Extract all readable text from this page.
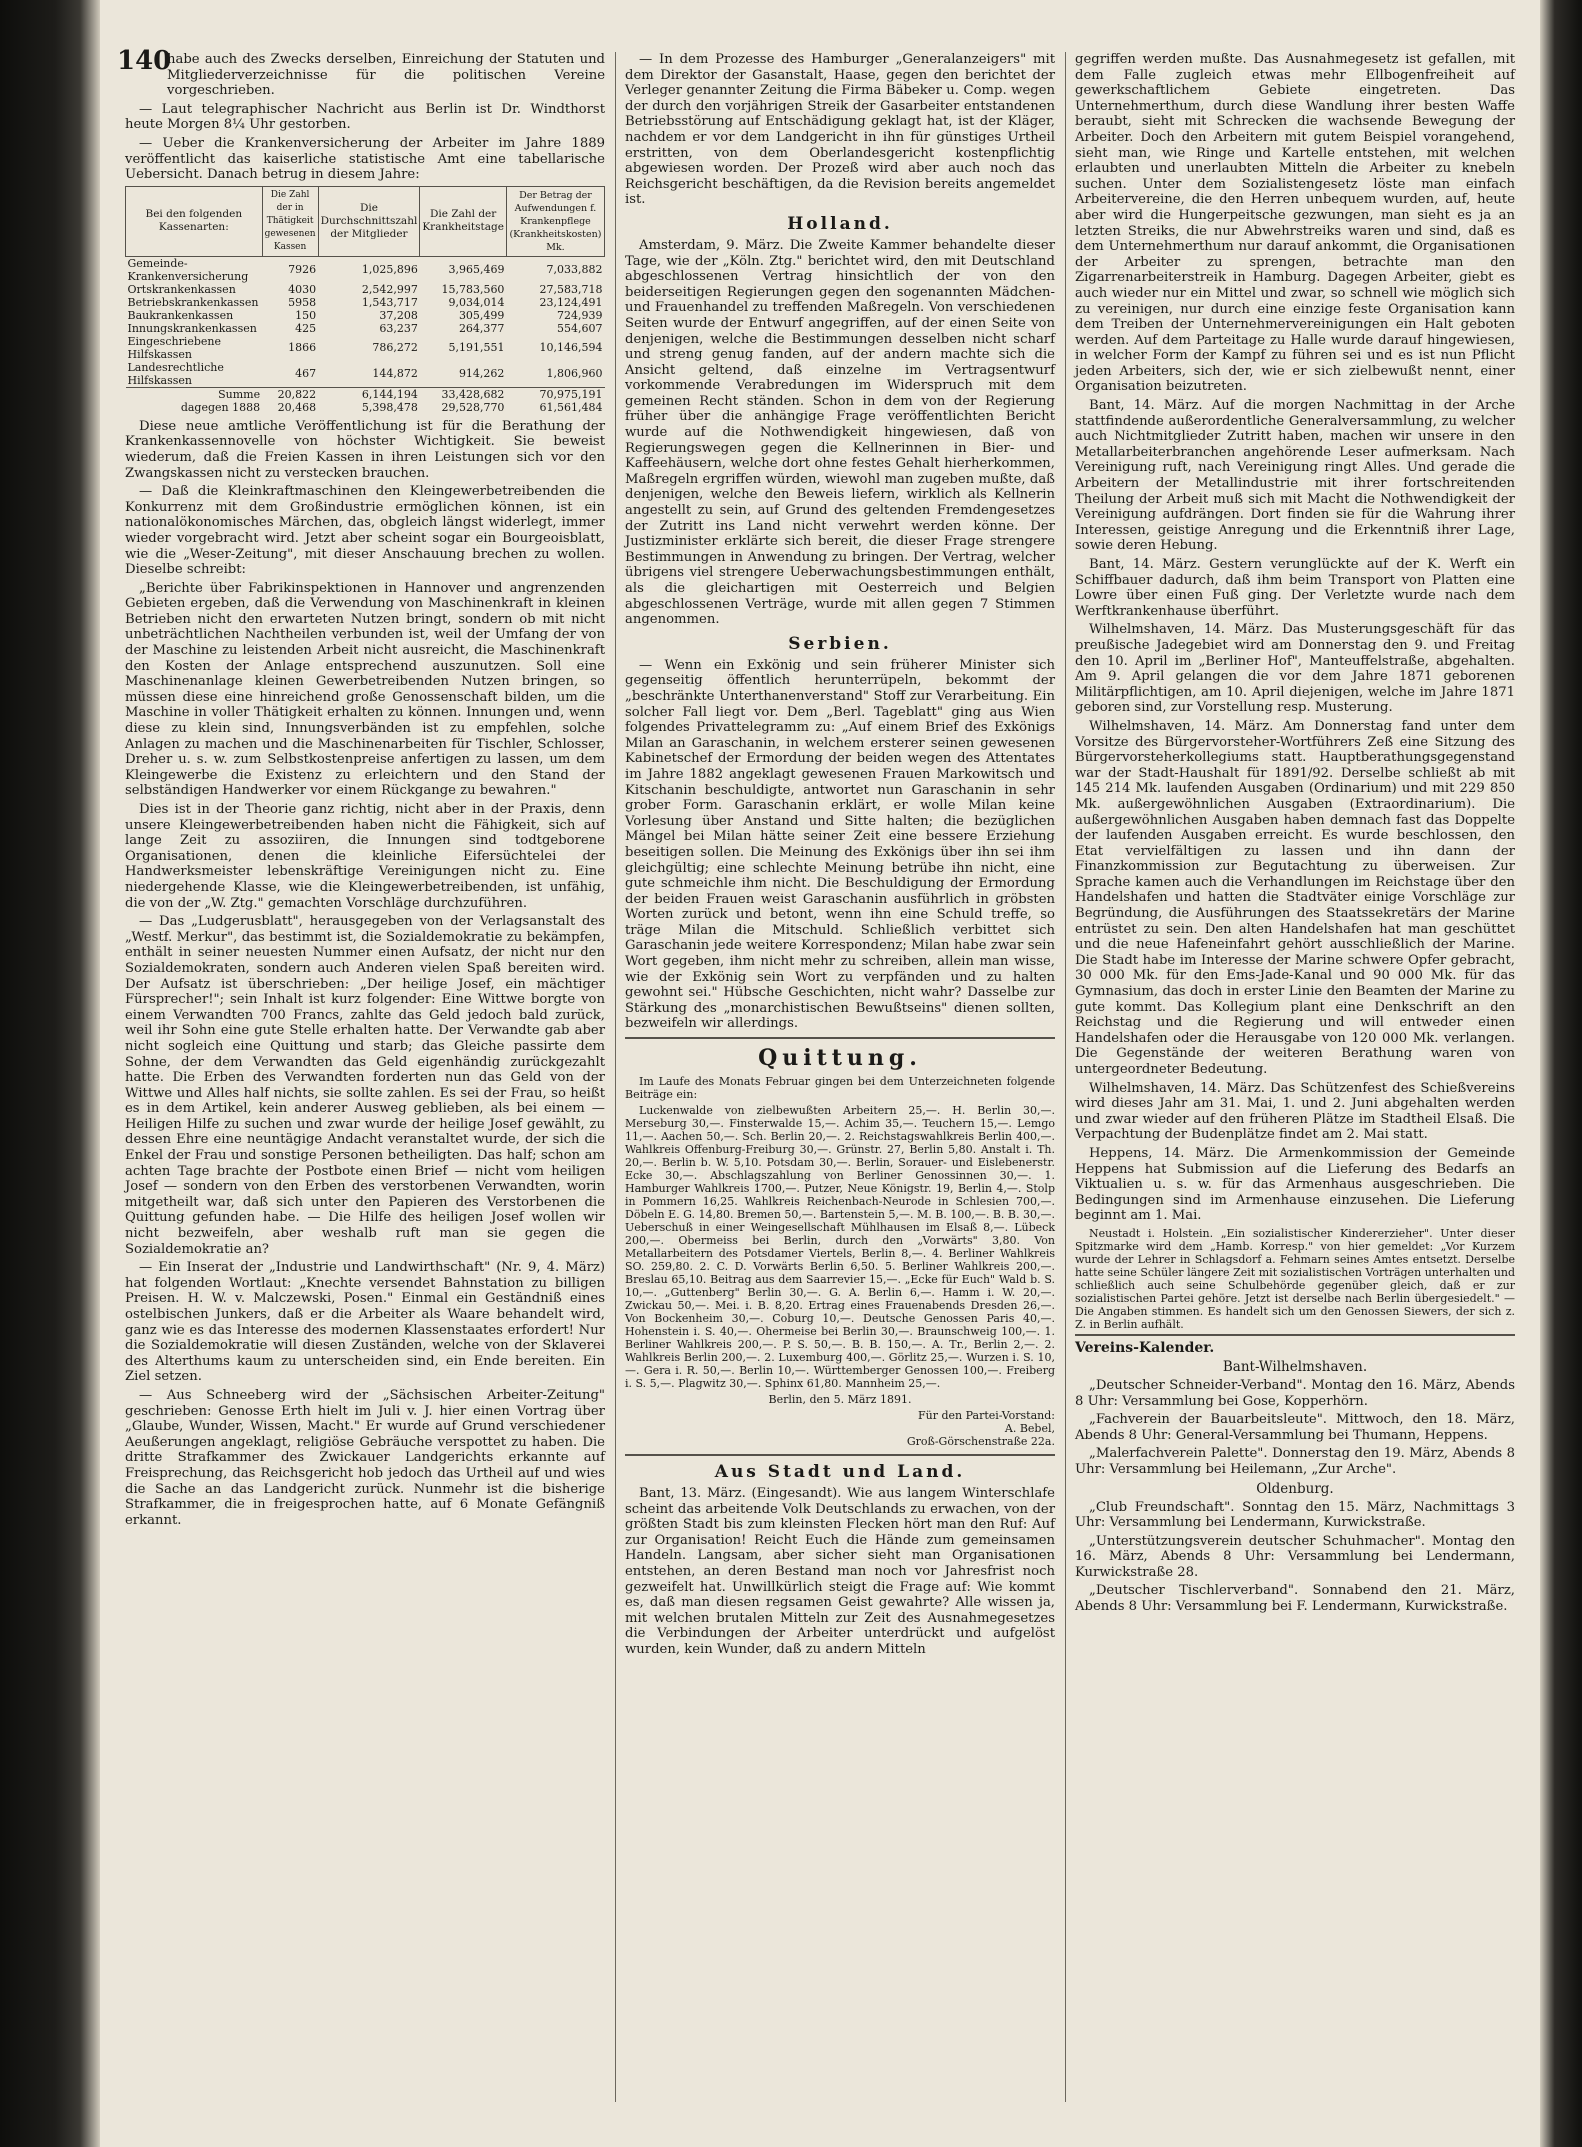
140

habe auch des Zwecks derselben, Einreichung der Statuten und Mitgliederverzeichnisse für die politischen Vereine vorgeschrieben.

— Laut telegraphischer Nachricht aus Berlin ist Dr. Windthorst heute Morgen 8¼ Uhr gestorben.

— Ueber die Krankenversicherung der Arbeiter im Jahre 1889 veröffentlicht das kaiserliche statistische Amt eine tabellarische Uebersicht. Danach betrug in diesem Jahre:

Bei den folgenden Kassenarten:	Die Zahl der in Thätigkeit gewesenen Kassen	Die Durchschnittszahl der Mitglieder	Die Zahl der Krankheitstage	Der Betrag der Aufwendungen f. Krankenpflege (Krankheitskosten) Mk.
Gemeinde-Krankenversicherung	7926	1,025,896	3,965,469	7,033,882
Ortskrankenkassen	4030	2,542,997	15,783,560	27,583,718
Betriebskrankenkassen	5958	1,543,717	9,034,014	23,124,491
Baukrankenkassen	150	37,208	305,499	724,939
Innungskrankenkassen	425	63,237	264,377	554,607
Eingeschriebene Hilfskassen	1866	786,272	5,191,551	10,146,594
Landesrechtliche Hilfskassen	467	144,872	914,262	1,806,960
Summe	20,822	6,144,194	33,428,682	70,975,191
dagegen 1888	20,468	5,398,478	29,528,770	61,561,484

Diese neue amtliche Veröffentlichung ist für die Berathung der Krankenkassennovelle von höchster Wichtigkeit. Sie beweist wiederum, daß die Freien Kassen in ihren Leistungen sich vor den Zwangskassen nicht zu verstecken brauchen.

— Daß die Kleinkraftmaschinen den Kleingewerbetreibenden die Konkurrenz mit dem Großindustrie ermöglichen können, ist ein nationalökonomisches Märchen, das, obgleich längst widerlegt, immer wieder vorgebracht wird. Jetzt aber scheint sogar ein Bourgeoisblatt, wie die „Weser-Zeitung", mit dieser Anschauung brechen zu wollen. Dieselbe schreibt:

„Berichte über Fabrikinspektionen in Hannover und angrenzenden Gebieten ergeben, daß die Verwendung von Maschinenkraft in kleinen Betrieben nicht den erwarteten Nutzen bringt, sondern ob mit nicht unbeträchtlichen Nachtheilen verbunden ist, weil der Umfang der von der Maschine zu leistenden Arbeit nicht ausreicht, die Maschinenkraft den Kosten der Anlage entsprechend auszunutzen. Soll eine Maschinenanlage kleinen Gewerbetreibenden Nutzen bringen, so müssen diese eine hinreichend große Genossenschaft bilden, um die Maschine in voller Thätigkeit erhalten zu können. Innungen und, wenn diese zu klein sind, Innungsverbänden ist zu empfehlen, solche Anlagen zu machen und die Maschinenarbeiten für Tischler, Schlosser, Dreher u. s. w. zum Selbstkostenpreise anfertigen zu lassen, um dem Kleingewerbe die Existenz zu erleichtern und den Stand der selbständigen Handwerker vor einem Rückgange zu bewahren."

Dies ist in der Theorie ganz richtig, nicht aber in der Praxis, denn unsere Kleingewerbetreibenden haben nicht die Fähigkeit, sich auf lange Zeit zu assoziiren, die Innungen sind todtgeborene Organisationen, denen die kleinliche Eifersüchtelei der Handwerksmeister lebenskräftige Vereinigungen nicht zu. Eine niedergehende Klasse, wie die Kleingewerbetreibenden, ist unfähig, die von der „W. Ztg." gemachten Vorschläge durchzuführen.

— Das „Ludgerusblatt", herausgegeben von der Verlagsanstalt des „Westf. Merkur", das bestimmt ist, die Sozialdemokratie zu bekämpfen, enthält in seiner neuesten Nummer einen Aufsatz, der nicht nur den Sozialdemokraten, sondern auch Anderen vielen Spaß bereiten wird. Der Aufsatz ist überschrieben: „Der heilige Josef, ein mächtiger Fürsprecher!"; sein Inhalt ist kurz folgender: Eine Wittwe borgte von einem Verwandten 700 Francs, zahlte das Geld jedoch bald zurück, weil ihr Sohn eine gute Stelle erhalten hatte. Der Verwandte gab aber nicht sogleich eine Quittung und starb; das Gleiche passirte dem Sohne, der dem Verwandten das Geld eigenhändig zurückgezahlt hatte. Die Erben des Verwandten forderten nun das Geld von der Wittwe und Alles half nichts, sie sollte zahlen. Es sei der Frau, so heißt es in dem Artikel, kein anderer Ausweg geblieben, als bei einem — Heiligen Hilfe zu suchen und zwar wurde der heilige Josef gewählt, zu dessen Ehre eine neuntägige Andacht veranstaltet wurde, der sich die Enkel der Frau und sonstige Personen betheiligten. Das half; schon am achten Tage brachte der Postbote einen Brief — nicht vom heiligen Josef — sondern von den Erben des verstorbenen Verwandten, worin mitgetheilt war, daß sich unter den Papieren des Verstorbenen die Quittung gefunden habe. — Die Hilfe des heiligen Josef wollen wir nicht bezweifeln, aber weshalb ruft man sie gegen die Sozialdemokratie an?

— Ein Inserat der „Industrie und Landwirthschaft" (Nr. 9, 4. März) hat folgenden Wortlaut: „Knechte versendet Bahnstation zu billigen Preisen. H. W. v. Malczewski, Posen." Einmal ein Geständniß eines ostelbischen Junkers, daß er die Arbeiter als Waare behandelt wird, ganz wie es das Interesse des modernen Klassenstaates erfordert! Nur die Sozialdemokratie will diesen Zuständen, welche von der Sklaverei des Alterthums kaum zu unterscheiden sind, ein Ende bereiten. Ein Ziel setzen.

— Aus Schneeberg wird der „Sächsischen Arbeiter-Zeitung" geschrieben: Genosse Erth hielt im Juli v. J. hier einen Vortrag über „Glaube, Wunder, Wissen, Macht." Er wurde auf Grund verschiedener Aeußerungen angeklagt, religiöse Gebräuche verspottet zu haben. Die dritte Strafkammer des Zwickauer Landgerichts erkannte auf Freisprechung, das Reichsgericht hob jedoch das Urtheil auf und wies die Sache an das Landgericht zurück. Nunmehr ist die bisherige Strafkammer, die in freigesprochen hatte, auf 6 Monate Gefängniß erkannt.

— In dem Prozesse des Hamburger „Generalanzeigers" mit dem Direktor der Gasanstalt, Haase, gegen den berichtet der Verleger genannter Zeitung die Firma Bäbeker u. Comp. wegen der durch den vorjährigen Streik der Gasarbeiter entstandenen Betriebsstörung auf Entschädigung geklagt hat, ist der Kläger, nachdem er vor dem Landgericht in ihn für günstiges Urtheil erstritten, von dem Oberlandesgericht kostenpflichtig abgewiesen worden. Der Prozeß wird aber auch noch das Reichsgericht beschäftigen, da die Revision bereits angemeldet ist.

Holland.

Amsterdam, 9. März. Die Zweite Kammer behandelte dieser Tage, wie der „Köln. Ztg." berichtet wird, den mit Deutschland abgeschlossenen Vertrag hinsichtlich der von den beiderseitigen Regierungen gegen den sogenannten Mädchen- und Frauenhandel zu treffenden Maßregeln. Von verschiedenen Seiten wurde der Entwurf angegriffen, auf der einen Seite von denjenigen, welche die Bestimmungen desselben nicht scharf und streng genug fanden, auf der andern machte sich die Ansicht geltend, daß einzelne im Vertragsentwurf vorkommende Verabredungen im Widerspruch mit dem gemeinen Recht ständen. Schon in dem von der Regierung früher über die anhängige Frage veröffentlichten Bericht wurde auf die Nothwendigkeit hingewiesen, daß von Regierungswegen gegen die Kellnerinnen in Bier- und Kaffeehäusern, welche dort ohne festes Gehalt hierherkommen, Maßregeln ergriffen würden, wiewohl man zugeben mußte, daß denjenigen, welche den Beweis liefern, wirklich als Kellnerin angestellt zu sein, auf Grund des geltenden Fremdengesetzes der Zutritt ins Land nicht verwehrt werden könne. Der Justizminister erklärte sich bereit, die dieser Frage strengere Bestimmungen in Anwendung zu bringen. Der Vertrag, welcher übrigens viel strengere Ueberwachungsbestimmungen enthält, als die gleichartigen mit Oesterreich und Belgien abgeschlossenen Verträge, wurde mit allen gegen 7 Stimmen angenommen.

Serbien.

— Wenn ein Exkönig und sein früherer Minister sich gegenseitig öffentlich herunterrüpeln, bekommt der „beschränkte Unterthanenverstand" Stoff zur Verarbeitung. Ein solcher Fall liegt vor. Dem „Berl. Tageblatt" ging aus Wien folgendes Privattelegramm zu: „Auf einem Brief des Exkönigs Milan an Garaschanin, in welchem ersterer seinen gewesenen Kabinetschef der Ermordung der beiden wegen des Attentates im Jahre 1882 angeklagt gewesenen Frauen Markowitsch und Kitschanin beschuldigte, antwortet nun Garaschanin in sehr grober Form. Garaschanin erklärt, er wolle Milan keine Vorlesung über Anstand und Sitte halten; die bezüglichen Mängel bei Milan hätte seiner Zeit eine bessere Erziehung beseitigen sollen. Die Meinung des Exkönigs über ihn sei ihm gleichgültig; eine schlechte Meinung betrübe ihn nicht, eine gute schmeichle ihm nicht. Die Beschuldigung der Ermordung der beiden Frauen weist Garaschanin ausführlich in gröbsten Worten zurück und betont, wenn ihn eine Schuld treffe, so träge Milan die Mitschuld. Schließlich verbittet sich Garaschanin jede weitere Korrespondenz; Milan habe zwar sein Wort gegeben, ihm nicht mehr zu schreiben, allein man wisse, wie der Exkönig sein Wort zu verpfänden und zu halten gewohnt sei." Hübsche Geschichten, nicht wahr? Dasselbe zur Stärkung des „monarchistischen Bewußtseins" dienen sollten, bezweifeln wir allerdings.

Quittung.

Im Laufe des Monats Februar gingen bei dem Unterzeichneten folgende Beiträge ein:

Luckenwalde von zielbewußten Arbeitern 25,—. H. Berlin 30,—. Merseburg 30,—. Finsterwalde 15,—. Achim 35,—. Teuchern 15,—. Lemgo 11,—. Aachen 50,—. Sch. Berlin 20,—. 2. Reichstagswahlkreis Berlin 400,—. Wahlkreis Offenburg-Freiburg 30,—. Grünstr. 27, Berlin 5,80. Anstalt i. Th. 20,—. Berlin b. W. 5,10. Potsdam 30,—. Berlin, Sorauer- und Eislebenerstr. Ecke 30,—. Abschlagszahlung von Berliner Genossinnen 30,—. 1. Hamburger Wahlkreis 1700,—. Putzer, Neue Königstr. 19, Berlin 4,—. Stolp in Pommern 16,25. Wahlkreis Reichenbach-Neurode in Schlesien 700,—. Döbeln E. G. 14,80. Bremen 50,—. Bartenstein 5,—. M. B. 100,—. B. B. 30,—. Ueberschuß in einer Weingesellschaft Mühlhausen im Elsaß 8,—. Lübeck 200,—. Obermeiss bei Berlin, durch den „Vorwärts" 3,80. Von Metallarbeitern des Potsdamer Viertels, Berlin 8,—. 4. Berliner Wahlkreis SO. 259,80. 2. C. D. Vorwärts Berlin 6,50. 5. Berliner Wahlkreis 200,—. Breslau 65,10. Beitrag aus dem Saarrevier 15,—. „Ecke für Euch" Wald b. S. 10,—. „Guttenberg" Berlin 30,—. G. A. Berlin 6,—. Hamm i. W. 20,—. Zwickau 50,—. Mei. i. B. 8,20. Ertrag eines Frauenabends Dresden 26,—. Von Bockenheim 30,—. Coburg 10,—. Deutsche Genossen Paris 40,—. Hohenstein i. S. 40,—. Ohermeise bei Berlin 30,—. Braunschweig 100,—. 1. Berliner Wahlkreis 200,—. P. S. 50,—. B. B. 150,—. A. Tr., Berlin 2,—. 2. Wahlkreis Berlin 200,—. 2. Luxemburg 400,—. Görlitz 25,—. Wurzen i. S. 10,—. Gera i. R. 50,—. Berlin 10,—. Württemberger Genossen 100,—. Freiberg i. S. 5,—. Plagwitz 30,—. Sphinx 61,80. Mannheim 25,—.

Berlin, den 5. März 1891.

Für den Partei-Vorstand:
A. Bebel,
Groß-Görschenstraße 22a.
Aus Stadt und Land.

Bant, 13. März. (Eingesandt). Wie aus langem Winterschlafe scheint das arbeitende Volk Deutschlands zu erwachen, von der größten Stadt bis zum kleinsten Flecken hört man den Ruf: Auf zur Organisation! Reicht Euch die Hände zum gemeinsamen Handeln. Langsam, aber sicher sieht man Organisationen entstehen, an deren Bestand man noch vor Jahresfrist noch gezweifelt hat. Unwillkürlich steigt die Frage auf: Wie kommt es, daß man diesen regsamen Geist gewahrte? Alle wissen ja, mit welchen brutalen Mitteln zur Zeit des Ausnahmegesetzes die Verbindungen der Arbeiter unterdrückt und aufgelöst wurden, kein Wunder, daß zu andern Mitteln

gegriffen werden mußte. Das Ausnahmegesetz ist gefallen, mit dem Falle zugleich etwas mehr Ellbogenfreiheit auf gewerkschaftlichem Gebiete eingetreten. Das Unternehmerthum, durch diese Wandlung ihrer besten Waffe beraubt, sieht mit Schrecken die wachsende Bewegung der Arbeiter. Doch den Arbeitern mit gutem Beispiel vorangehend, sieht man, wie Ringe und Kartelle entstehen, mit welchen erlaubten und unerlaubten Mitteln die Arbeiter zu knebeln suchen. Unter dem Sozialistengesetz löste man einfach Arbeitervereine, die den Herren unbequem wurden, auf, heute aber wird die Hungerpeitsche gezwungen, man sieht es ja an letzten Streiks, die nur Abwehrstreiks waren und sind, daß es dem Unternehmerthum nur darauf ankommt, die Organisationen der Arbeiter zu sprengen, betrachte man den Zigarrenarbeiterstreik in Hamburg. Dagegen Arbeiter, giebt es auch wieder nur ein Mittel und zwar, so schnell wie möglich sich zu vereinigen, nur durch eine einzige feste Organisation kann dem Treiben der Unternehmervereinigungen ein Halt geboten werden. Auf dem Parteitage zu Halle wurde darauf hingewiesen, in welcher Form der Kampf zu führen sei und es ist nun Pflicht jeden Arbeiters, sich der, wie er sich zielbewußt nennt, einer Organisation beizutreten.

Bant, 14. März. Auf die morgen Nachmittag in der Arche stattfindende außerordentliche Generalversammlung, zu welcher auch Nichtmitglieder Zutritt haben, machen wir unsere in den Metallarbeiterbranchen angehörende Leser aufmerksam. Nach Vereinigung ruft, nach Vereinigung ringt Alles. Und gerade die Arbeitern der Metallindustrie mit ihrer fortschreitenden Theilung der Arbeit muß sich mit Macht die Nothwendigkeit der Vereinigung aufdrängen. Dort finden sie für die Wahrung ihrer Interessen, geistige Anregung und die Erkenntniß ihrer Lage, sowie deren Hebung.

Bant, 14. März. Gestern verunglückte auf der K. Werft ein Schiffbauer dadurch, daß ihm beim Transport von Platten eine Lowre über einen Fuß ging. Der Verletzte wurde nach dem Werftkrankenhause überführt.

Wilhelmshaven, 14. März. Das Musterungsgeschäft für das preußische Jadegebiet wird am Donnerstag den 9. und Freitag den 10. April im „Berliner Hof", Manteuffelstraße, abgehalten. Am 9. April gelangen die vor dem Jahre 1871 geborenen Militärpflichtigen, am 10. April diejenigen, welche im Jahre 1871 geboren sind, zur Vorstellung resp. Musterung.

Wilhelmshaven, 14. März. Am Donnerstag fand unter dem Vorsitze des Bürgervorsteher-Wortführers Zeß eine Sitzung des Bürgervorsteherkollegiums statt. Hauptberathungsgegenstand war der Stadt-Haushalt für 1891/92. Derselbe schließt ab mit 145 214 Mk. laufenden Ausgaben (Ordinarium) und mit 229 850 Mk. außergewöhnlichen Ausgaben (Extraordinarium). Die außergewöhnlichen Ausgaben haben demnach fast das Doppelte der laufenden Ausgaben erreicht. Es wurde beschlossen, den Etat vervielfältigen zu lassen und ihn dann der Finanzkommission zur Begutachtung zu überweisen. Zur Sprache kamen auch die Verhandlungen im Reichstage über den Handelshafen und hatten die Stadtväter einige Vorschläge zur Begründung, die Ausführungen des Staatssekretärs der Marine entrüstet zu sein. Den alten Handelshafen hat man geschüttet und die neue Hafeneinfahrt gehört ausschließlich der Marine. Die Stadt habe im Interesse der Marine schwere Opfer gebracht, 30 000 Mk. für den Ems-Jade-Kanal und 90 000 Mk. für das Gymnasium, das doch in erster Linie den Beamten der Marine zu gute kommt. Das Kollegium plant eine Denkschrift an den Reichstag und die Regierung und will entweder einen Handelshafen oder die Herausgabe von 120 000 Mk. verlangen. Die Gegenstände der weiteren Berathung waren von untergeordneter Bedeutung.

Wilhelmshaven, 14. März. Das Schützenfest des Schießvereins wird dieses Jahr am 31. Mai, 1. und 2. Juni abgehalten werden und zwar wieder auf den früheren Plätze im Stadtheil Elsaß. Die Verpachtung der Budenplätze findet am 2. Mai statt.

Heppens, 14. März. Die Armenkommission der Gemeinde Heppens hat Submission auf die Lieferung des Bedarfs an Viktualien u. s. w. für das Armenhaus ausgeschrieben. Die Bedingungen sind im Armenhause einzusehen. Die Lieferung beginnt am 1. Mai.

Neustadt i. Holstein. „Ein sozialistischer Kindererzieher". Unter dieser Spitzmarke wird dem „Hamb. Korresp." von hier gemeldet: „Vor Kurzem wurde der Lehrer in Schlagsdorf a. Fehmarn seines Amtes entsetzt. Derselbe hatte seine Schüler längere Zeit mit sozialistischen Vorträgen unterhalten und schließlich auch seine Schulbehörde gegenüber gleich, daß er zur sozialistischen Partei gehöre. Jetzt ist derselbe nach Berlin übergesiedelt." — Die Angaben stimmen. Es handelt sich um den Genossen Siewers, der sich z. Z. in Berlin aufhält.

Vereins-Kalender.
Bant-Wilhelmshaven.

„Deutscher Schneider-Verband". Montag den 16. März, Abends 8 Uhr: Versammlung bei Gose, Kopperhörn.

„Fachverein der Bauarbeitsleute". Mittwoch, den 18. März, Abends 8 Uhr: General-Versammlung bei Thumann, Heppens.

„Malerfachverein Palette". Donnerstag den 19. März, Abends 8 Uhr: Versammlung bei Heilemann, „Zur Arche".

Oldenburg.

„Club Freundschaft". Sonntag den 15. März, Nachmittags 3 Uhr: Versammlung bei Lendermann, Kurwickstraße.

„Unterstützungsverein deutscher Schuhmacher". Montag den 16. März, Abends 8 Uhr: Versammlung bei Lendermann, Kurwickstraße 28.

„Deutscher Tischlerverband". Sonnabend den 21. März, Abends 8 Uhr: Versammlung bei F. Lendermann, Kurwickstraße.
